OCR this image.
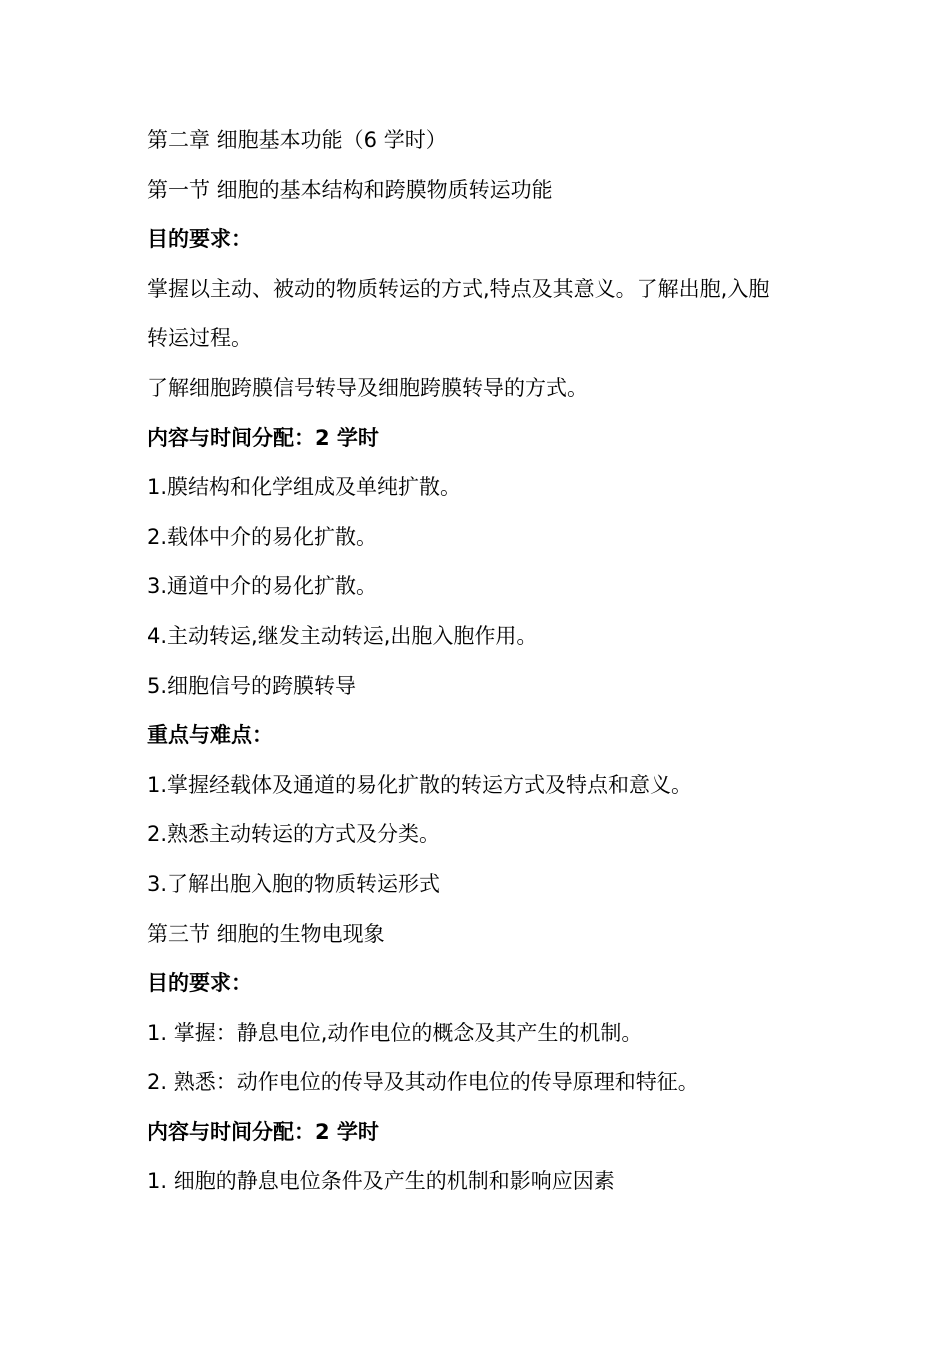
第二章 细胞基本功能（6 学时）
第一节 细胞的基本结构和跨膜物质转运功能
目的要求：
掌握以主动、被动的物质转运的方式,特点及其意义。了解出胞,入胞
转运过程。
了解细胞跨膜信号转导及细胞跨膜转导的方式。
内容与时间分配：2 学时
1.膜结构和化学组成及单纯扩散。
2.载体中介的易化扩散。
3.通道中介的易化扩散。
4.主动转运,继发主动转运,出胞入胞作用。
5.细胞信号的跨膜转导
重点与难点：
1.掌握经载体及通道的易化扩散的转运方式及特点和意义。
2.熟悉主动转运的方式及分类。
3.了解出胞入胞的物质转运形式
第三节 细胞的生物电现象
目的要求：
1. 掌握：静息电位,动作电位的概念及其产生的机制。
2. 熟悉：动作电位的传导及其动作电位的传导原理和特征。
内容与时间分配：2 学时
1. 细胞的静息电位条件及产生的机制和影响应因素
